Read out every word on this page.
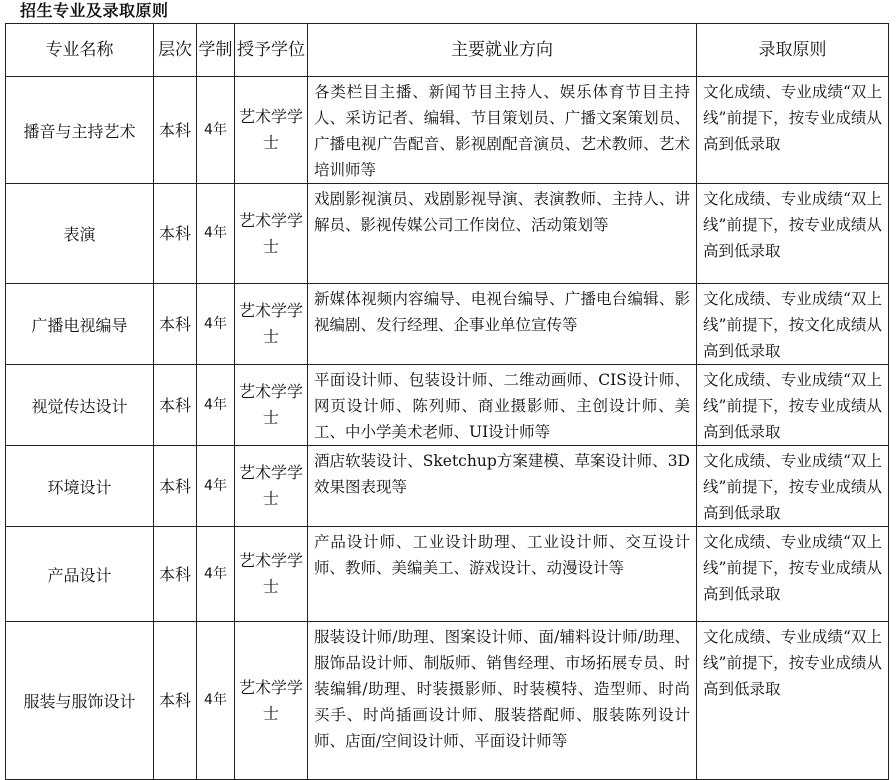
招生专业及录取原则
专业名称	层次	学制	授予学位	主要就业方向	录取原则
播音与主持艺术	本科	4年	艺术学学士	各类栏目主播、新闻节目主持人、娱乐体育节目主持人、采访记者、编辑、节目策划员、广播文案策划员、广播电视广告配音、影视剧配音演员、艺术教师、艺术培训师等	文化成绩、专业成绩“双上线”前提下，按专业成绩从高到低录取
表演	本科	4年	艺术学学士	戏剧影视演员、戏剧影视导演、表演教师、主持人、讲解员、影视传媒公司工作岗位、活动策划等	文化成绩、专业成绩“双上线”前提下，按专业成绩从高到低录取
广播电视编导	本科	4年	艺术学学士	新媒体视频内容编导、电视台编导、广播电台编辑、影视编剧、发行经理、企事业单位宣传等	文化成绩、专业成绩“双上线”前提下，按文化成绩从高到低录取
视觉传达设计	本科	4年	艺术学学士	平面设计师、包装设计师、二维动画师、CIS设计师、网页设计师、陈列师、商业摄影师、主创设计师、美工、中小学美术老师、UI设计师等	文化成绩、专业成绩“双上线”前提下，按专业成绩从高到低录取
环境设计	本科	4年	艺术学学士	酒店软装设计、Sketchup方案建模、草案设计师、3D效果图表现等	文化成绩、专业成绩“双上线”前提下，按专业成绩从高到低录取
产品设计	本科	4年	艺术学学士	产品设计师、工业设计助理、工业设计师、交互设计师、教师、美编美工、游戏设计、动漫设计等	文化成绩、专业成绩“双上线”前提下，按专业成绩从高到低录取
服装与服饰设计	本科	4年	艺术学学士	服装设计师/助理、图案设计师、面/辅料设计师/助理、服饰品设计师、制版师、销售经理、市场拓展专员、时装编辑/助理、时装摄影师、时装模特、造型师、时尚买手、时尚插画设计师、服装搭配师、服装陈列设计师、店面/空间设计师、平面设计师等	文化成绩、专业成绩“双上线”前提下，按专业成绩从高到低录取
